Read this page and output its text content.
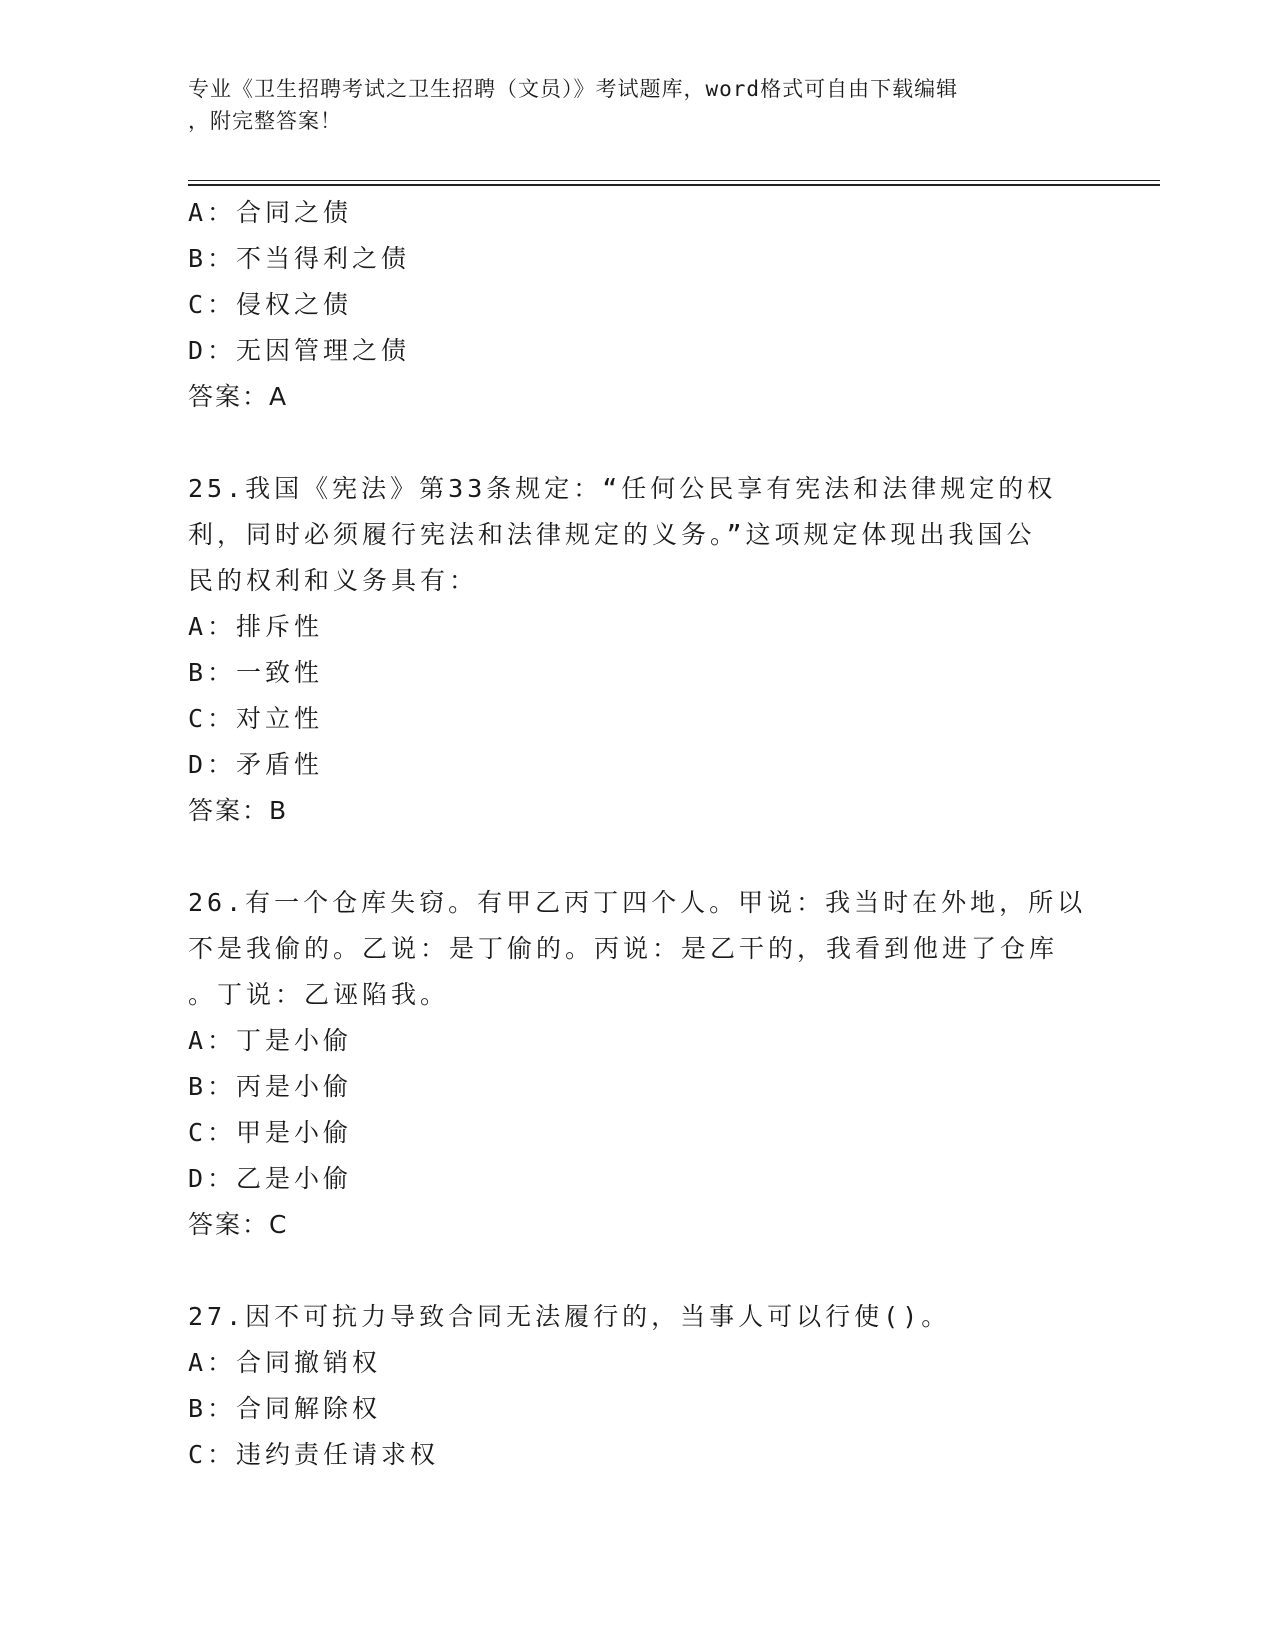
专业《卫生招聘考试之卫生招聘（文员）》考试题库，word格式可自由下载编辑
，附完整答案！
A：合同之债
B：不当得利之债
C：侵权之债
D：无因管理之债
答案：A
25.我国《宪法》第33条规定：“任何公民享有宪法和法律规定的权
利，同时必须履行宪法和法律规定的义务。”这项规定体现出我国公
民的权利和义务具有：
A：排斥性
B：一致性
C：对立性
D：矛盾性
答案：B
26.有一个仓库失窃。有甲乙丙丁四个人。甲说：我当时在外地，所以
不是我偷的。乙说：是丁偷的。丙说：是乙干的，我看到他进了仓库
。丁说：乙诬陷我。
A：丁是小偷
B：丙是小偷
C：甲是小偷
D：乙是小偷
答案：C
27.因不可抗力导致合同无法履行的，当事人可以行使()。
A：合同撤销权
B：合同解除权
C：违约责任请求权
